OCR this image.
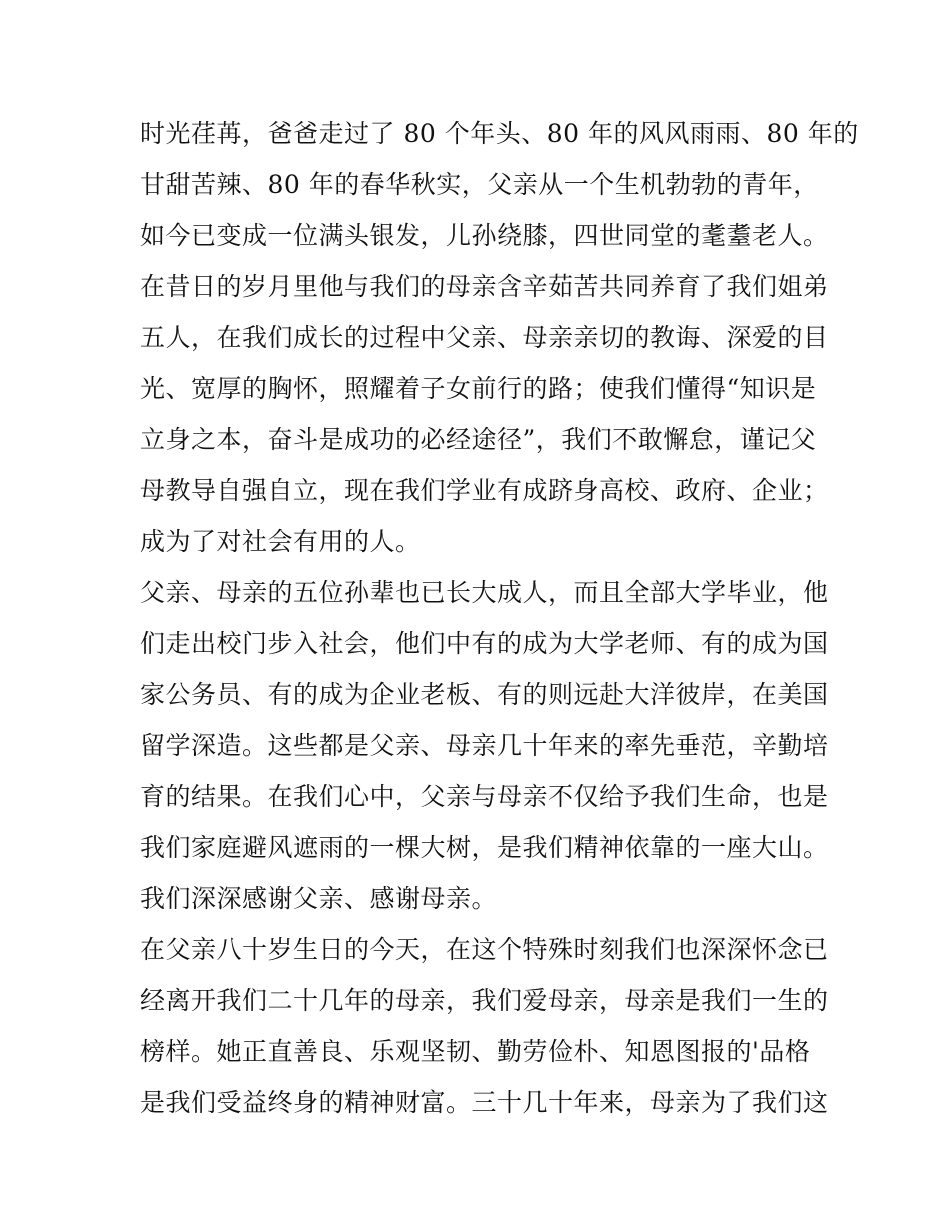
时光荏苒，爸爸走过了 80 个年头、80 年的风风雨雨、80 年的
甘甜苦辣、80 年的春华秋实，父亲从一个生机勃勃的青年，
如今已变成一位满头银发，儿孙绕膝，四世同堂的耄耋老人。
在昔日的岁月里他与我们的母亲含辛茹苦共同养育了我们姐弟
五人，在我们成长的过程中父亲、母亲亲切的教诲、深爱的目
光、宽厚的胸怀，照耀着子女前行的路；使我们懂得“知识是
立身之本，奋斗是成功的必经途径”，我们不敢懈怠，谨记父
母教导自强自立，现在我们学业有成跻身高校、政府、企业；
成为了对社会有用的人。
父亲、母亲的五位孙辈也已长大成人，而且全部大学毕业，他
们走出校门步入社会，他们中有的成为大学老师、有的成为国
家公务员、有的成为企业老板、有的则远赴大洋彼岸，在美国
留学深造。这些都是父亲、母亲几十年来的率先垂范，辛勤培
育的结果。在我们心中，父亲与母亲不仅给予我们生命，也是
我们家庭避风遮雨的一棵大树，是我们精神依靠的一座大山。
我们深深感谢父亲、感谢母亲。
在父亲八十岁生日的今天，在这个特殊时刻我们也深深怀念已
经离开我们二十几年的母亲，我们爱母亲，母亲是我们一生的
榜样。她正直善良、乐观坚韧、勤劳俭朴、知恩图报的'品格
是我们受益终身的精神财富。三十几十年来，母亲为了我们这
